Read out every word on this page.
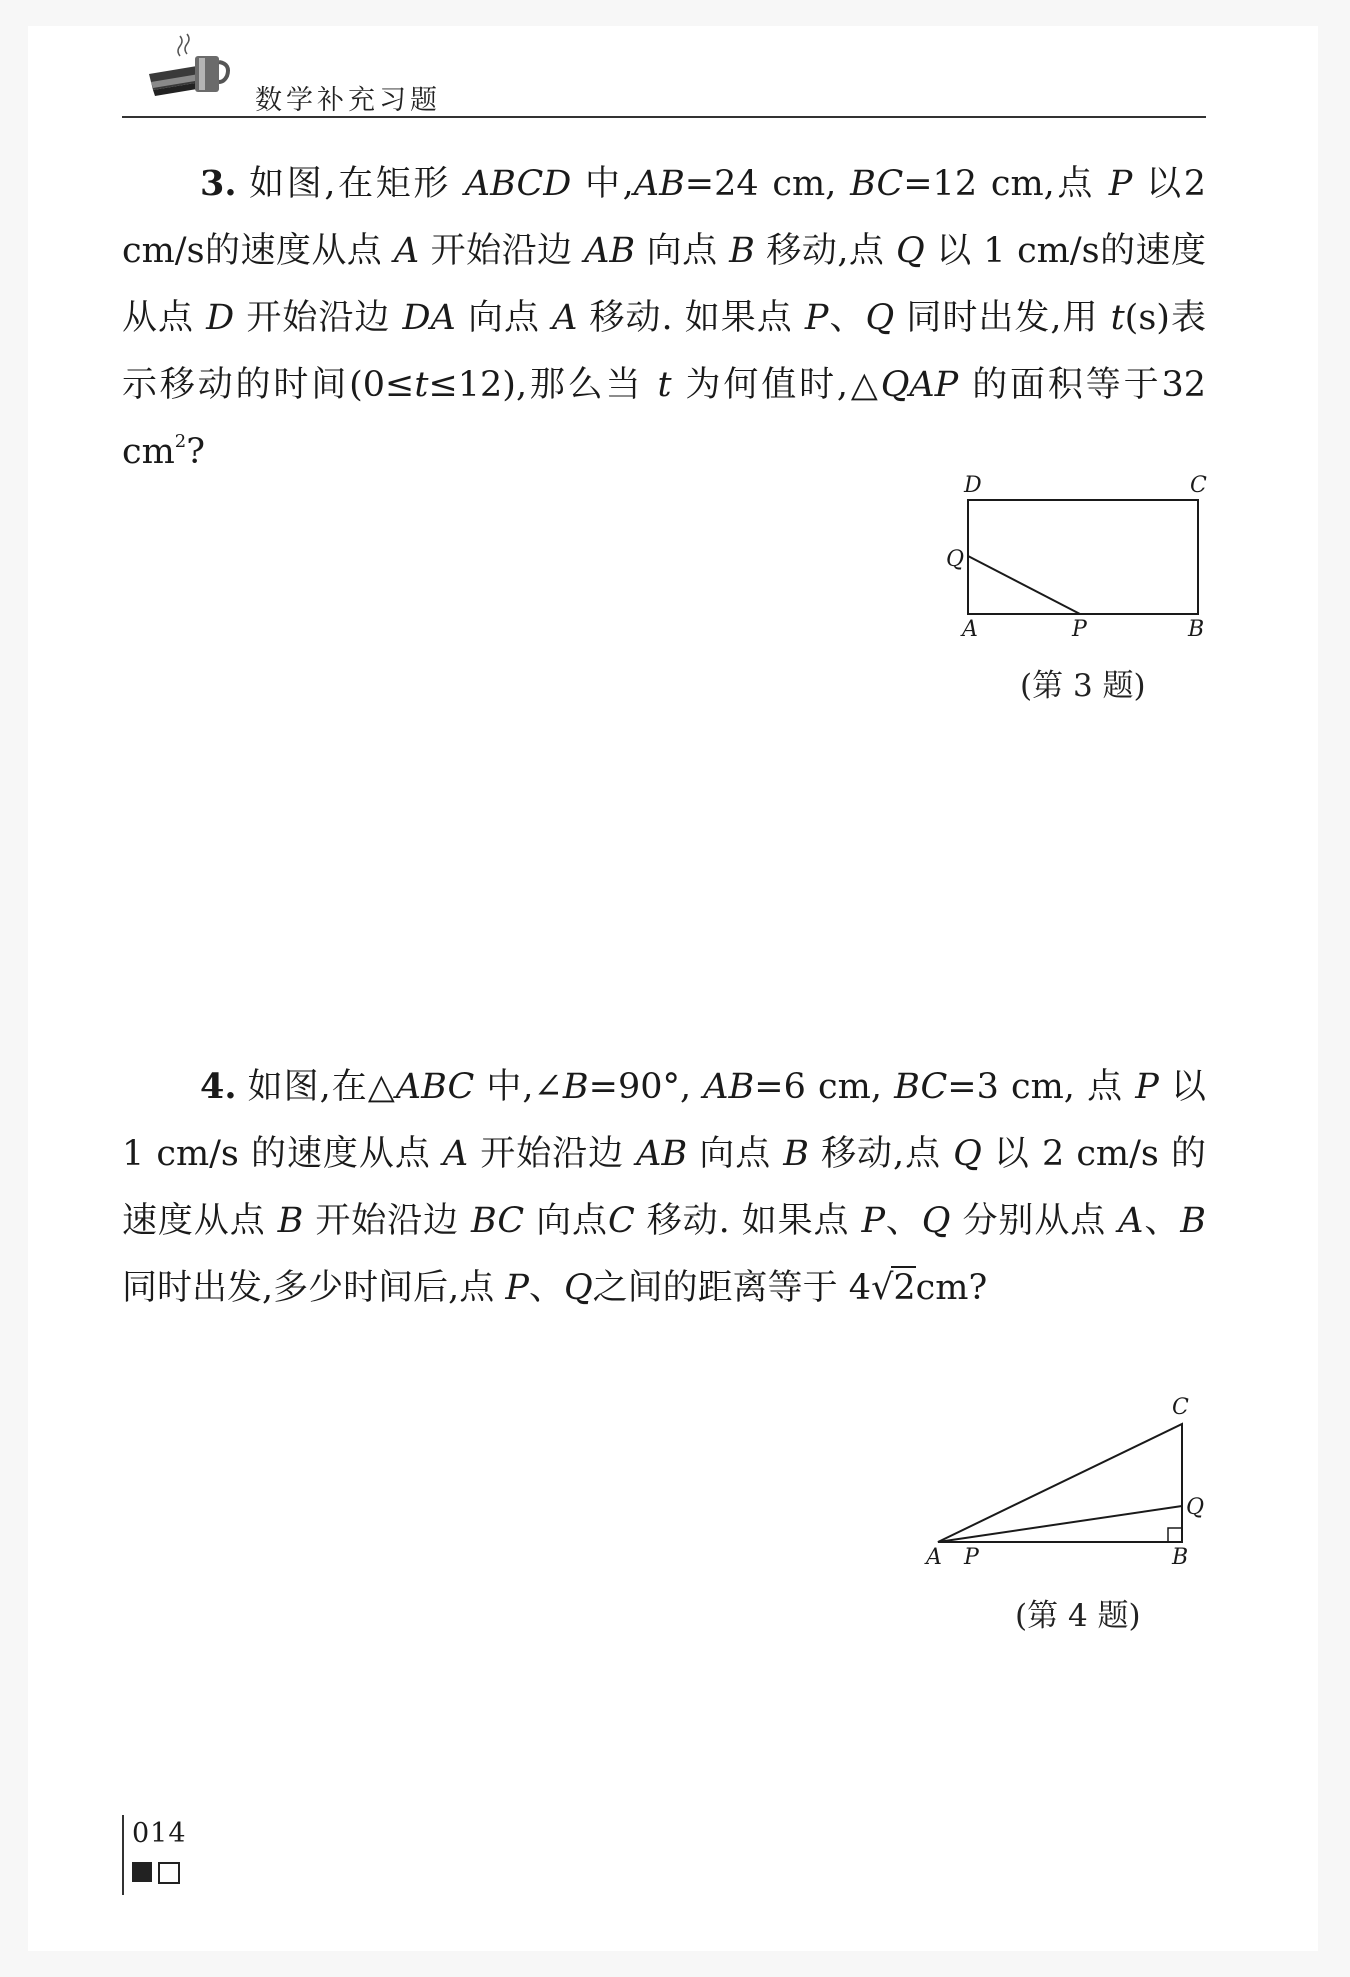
数学补充习题

3. 如图,在矩形 ABCD 中,AB=24 cm, BC=12 cm,点 P 以2 cm/s的速度从点 A 开始沿边 AB 向点 B 移动,点 Q 以 1 cm/s的速度从点 D 开始沿边 DA 向点 A 移动. 如果点 P、Q 同时出发,用 t(s)表示移动的时间(0≤t≤12),那么当 t 为何值时,△QAP 的面积等于32 $cm^2$?

D	C
Q
A	P	B
(第 3 题)

4. 如图,在△ABC 中,∠B=90°, AB=6 cm, BC=3 cm, 点 P 以 1 cm/s 的速度从点 A 开始沿边 AB 向点 B 移动,点 Q 以 2 cm/s 的速度从点 B 开始沿边 BC 向点C 移动. 如果点 P、Q 分别从点 A、B 同时出发,多少时间后,点 P、Q之间的距离等于 4√2cm?

C
Q
A P	B
(第 4 题)
014
